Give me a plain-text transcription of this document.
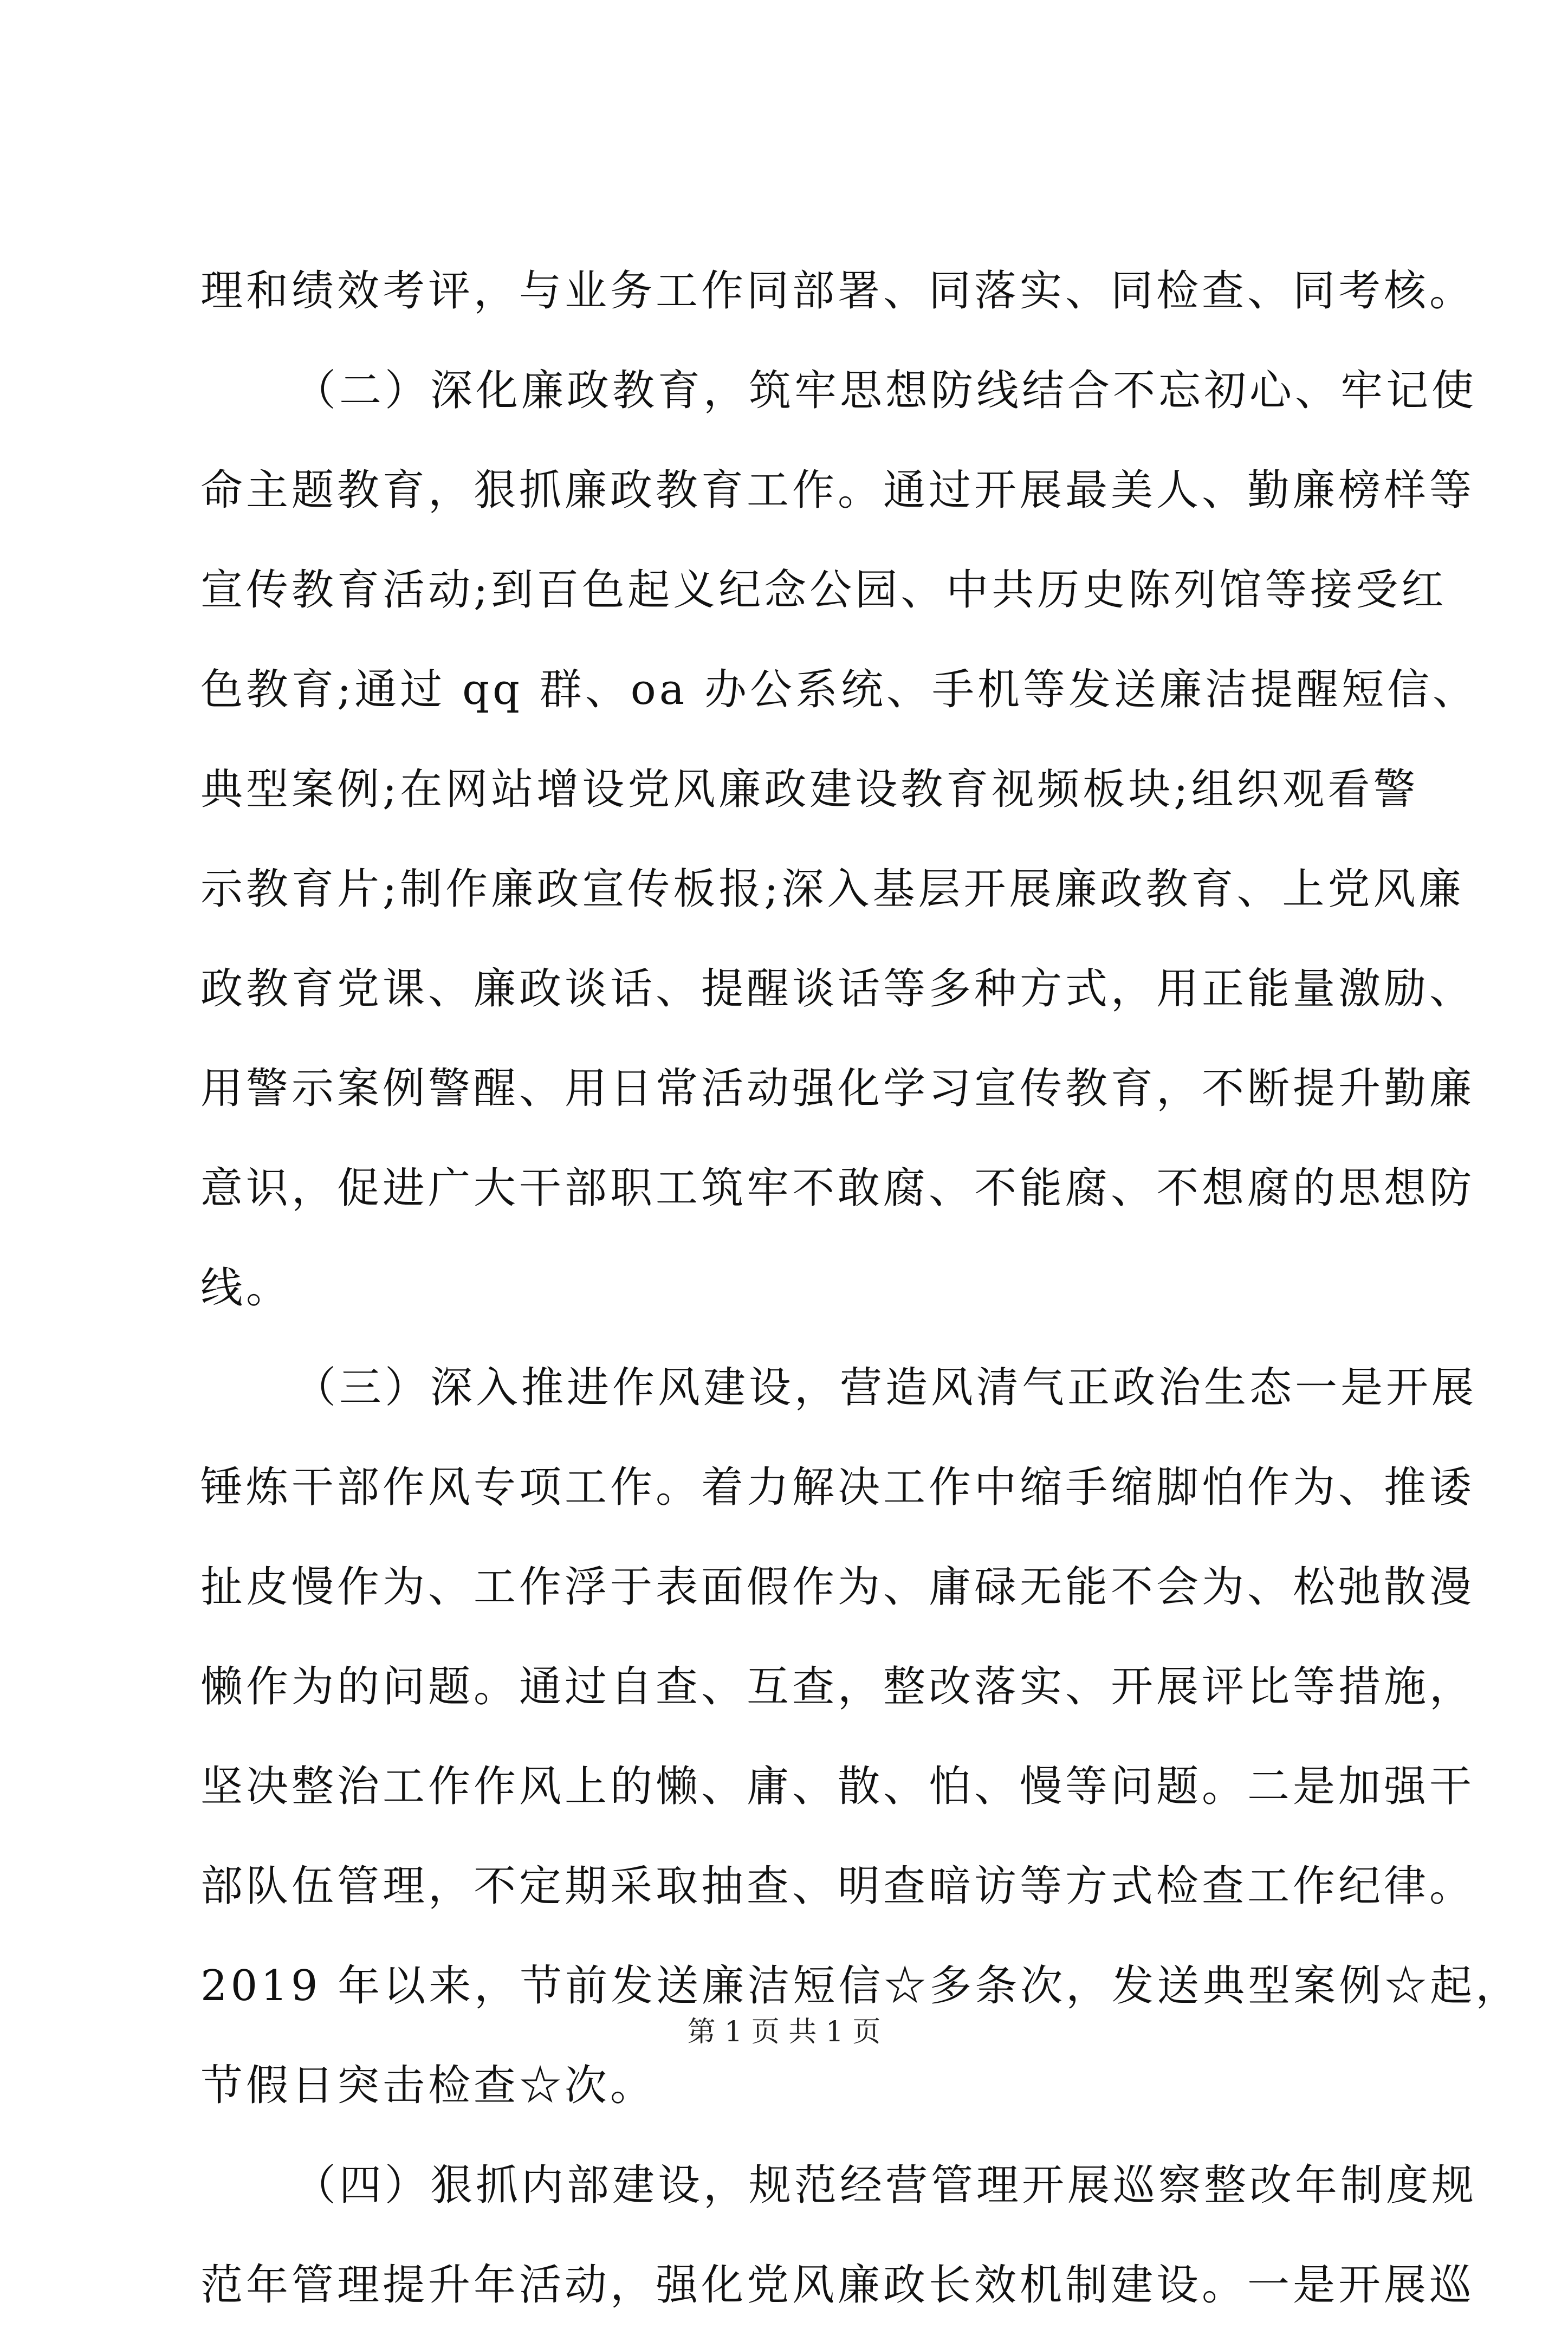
理和绩效考评，与业务工作同部署、同落实、同检查、同考核。
（二）深化廉政教育，筑牢思想防线结合不忘初心、牢记使
命主题教育，狠抓廉政教育工作。通过开展最美人、勤廉榜样等
宣传教育活动;到百色起义纪念公园、中共历史陈列馆等接受红
色教育;通过 qq 群、oa 办公系统、手机等发送廉洁提醒短信、
典型案例;在网站增设党风廉政建设教育视频板块;组织观看警
示教育片;制作廉政宣传板报;深入基层开展廉政教育、上党风廉
政教育党课、廉政谈话、提醒谈话等多种方式，用正能量激励、
用警示案例警醒、用日常活动强化学习宣传教育，不断提升勤廉
意识，促进广大干部职工筑牢不敢腐、不能腐、不想腐的思想防
线。
（三）深入推进作风建设，营造风清气正政治生态一是开展
锤炼干部作风专项工作。着力解决工作中缩手缩脚怕作为、推诿
扯皮慢作为、工作浮于表面假作为、庸碌无能不会为、松弛散漫
懒作为的问题。通过自查、互查，整改落实、开展评比等措施，
坚决整治工作作风上的懒、庸、散、怕、慢等问题。二是加强干
部队伍管理，不定期采取抽查、明查暗访等方式检查工作纪律。
2019 年以来，节前发送廉洁短信☆多条次，发送典型案例☆起，
节假日突击检查☆次。
（四）狠抓内部建设，规范经营管理开展巡察整改年制度规
范年管理提升年活动，强化党风廉政长效机制建设。一是开展巡
第 1 页 共 1 页
